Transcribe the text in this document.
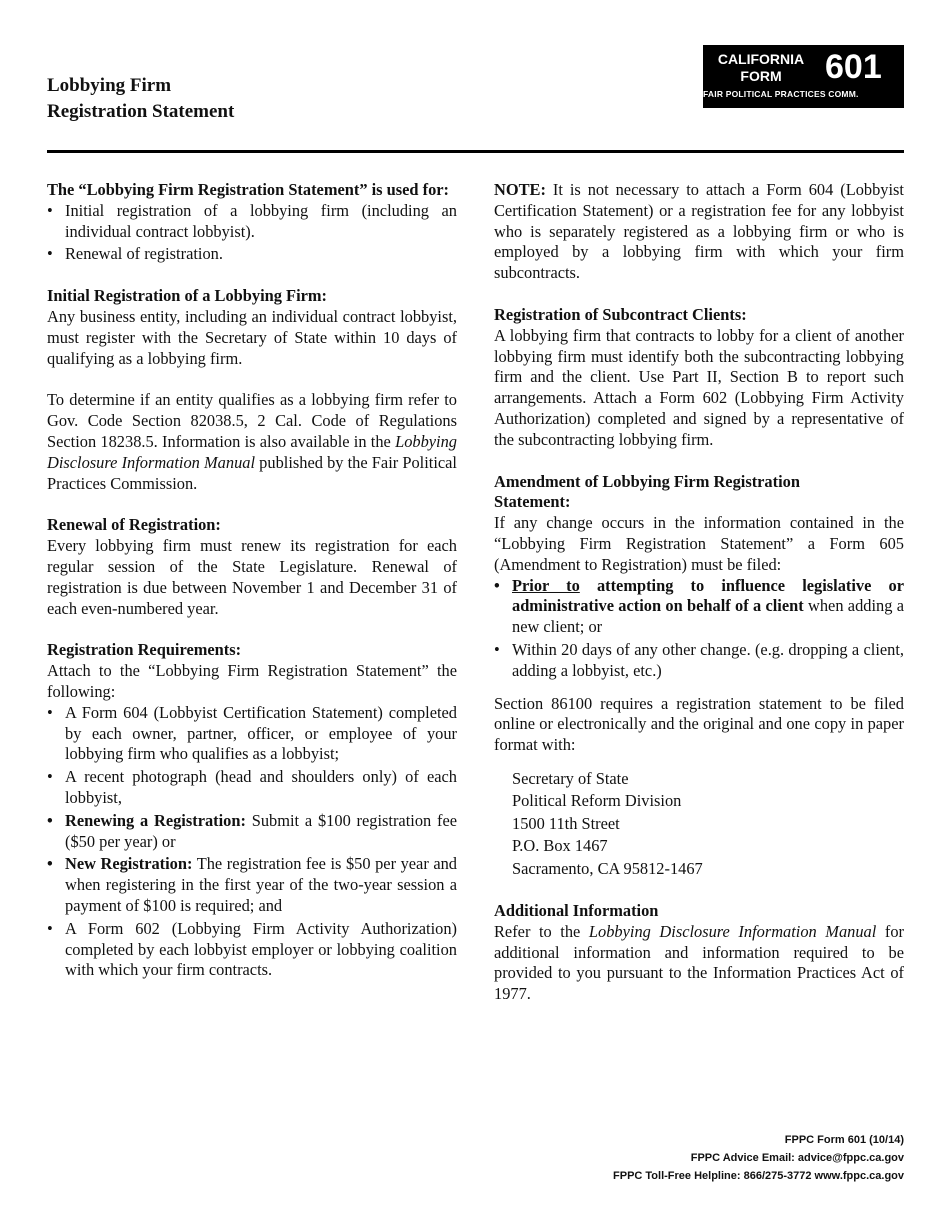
Lobbying Firm
Registration Statement
CALIFORNIA
FORM	601
FAIR POLITICAL PRACTICES COMM.
The “Lobbying Firm Registration Statement” is used for:
• Initial registration of a lobbying firm (including an individual contract lobbyist).
• Renewal of registration.
Initial Registration of a Lobbying Firm:

Any business entity, including an individual contract lobbyist, must register with the Secretary of State within 10 days of qualifying as a lobbying firm.

To determine if an entity qualifies as a lobbying firm refer to Gov. Code Section 82038.5, 2 Cal. Code of Regulations Section 18238.5. Information is also available in the Lobbying Disclosure Information Manual published by the Fair Political Practices Commission.

Renewal of Registration:

Every lobbying firm must renew its registration for each regular session of the State Legislature. Renewal of registration is due between November 1 and December 31 of each even-numbered year.

Registration Requirements:

Attach to the “Lobbying Firm Registration Statement” the following:

• A Form 604 (Lobbyist Certification Statement) completed by each owner, partner, officer, or employee of your lobbying firm who qualifies as a lobbyist;
• A recent photograph (head and shoulders only) of each lobbyist,
• Renewing a Registration: Submit a $100 registration fee ($50 per year) or
• New Registration: The registration fee is $50 per year and when registering in the first year of the two-year session a payment of $100 is required; and
• A Form 602 (Lobbying Firm Activity Authorization) completed by each lobbyist employer or lobbying coalition with which your firm contracts.

NOTE: It is not necessary to attach a Form 604 (Lobbyist Certification Statement) or a registration fee for any lobbyist who is separately registered as a lobbying firm or who is employed by a lobbying firm with which your firm subcontracts.

Registration of Subcontract Clients:

A lobbying firm that contracts to lobby for a client of another lobbying firm must identify both the subcontracting lobbying firm and the client. Use Part II, Section B to report such arrangements. Attach a Form 602 (Lobbying Firm Activity Authorization) completed and signed by a representative of the subcontracting lobbying firm.

Amendment of Lobbying Firm Registration Statement:

If any change occurs in the information contained in the “Lobbying Firm Registration Statement” a Form 605 (Amendment to Registration) must be filed:

• Prior to attempting to influence legislative or administrative action on behalf of a client when adding a new client; or
• Within 20 days of any other change. (e.g. dropping a client, adding a lobbyist, etc.)

Section 86100 requires a registration statement to be filed online or electronically and the original and one copy in paper format with:

Secretary of State
Political Reform Division
1500 11th Street
P.O. Box 1467
Sacramento, CA 95812-1467
Additional Information

Refer to the Lobbying Disclosure Information Manual for additional information and information required to be provided to you pursuant to the Information Practices Act of 1977.

FPPC Form 601 (10/14)
FPPC Advice Email: advice@fppc.ca.gov
FPPC Toll-Free Helpline: 866/275-3772 www.fppc.ca.gov
